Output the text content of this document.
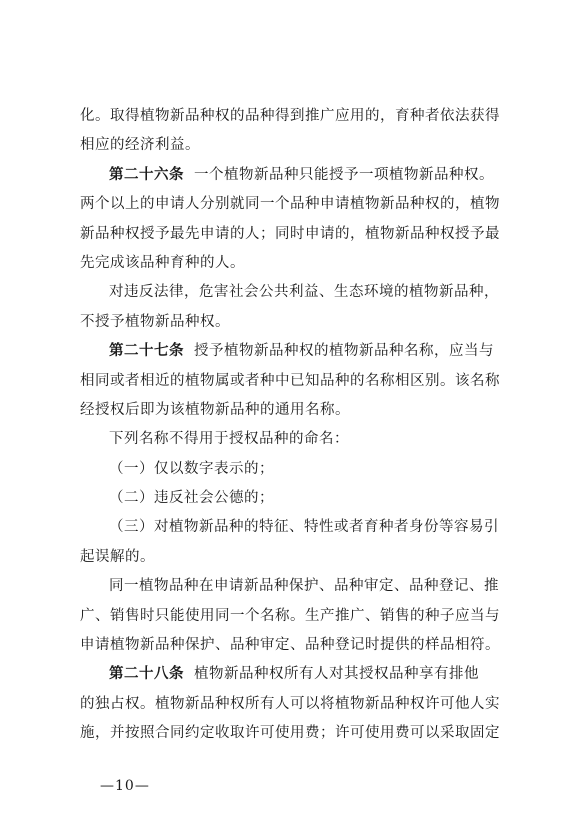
化。取得植物新品种权的品种得到推广应用的，育种者依法获得
相应的经济利益。
第二十六条 一个植物新品种只能授予一项植物新品种权。
两个以上的申请人分别就同一个品种申请植物新品种权的，植物
新品种权授予最先申请的人；同时申请的，植物新品种权授予最
先完成该品种育种的人。
对违反法律，危害社会公共利益、生态环境的植物新品种，
不授予植物新品种权。
第二十七条 授予植物新品种权的植物新品种名称，应当与
相同或者相近的植物属或者种中已知品种的名称相区别。该名称
经授权后即为该植物新品种的通用名称。
下列名称不得用于授权品种的命名：
（一）仅以数字表示的；
（二）违反社会公德的；
（三）对植物新品种的特征、特性或者育种者身份等容易引
起误解的。
同一植物品种在申请新品种保护、品种审定、品种登记、推
广、销售时只能使用同一个名称。生产推广、销售的种子应当与
申请植物新品种保护、品种审定、品种登记时提供的样品相符。
第二十八条 植物新品种权所有人对其授权品种享有排他
的独占权。植物新品种权所有人可以将植物新品种权许可他人实
施，并按照合同约定收取许可使用费；许可使用费可以采取固定
—10—
